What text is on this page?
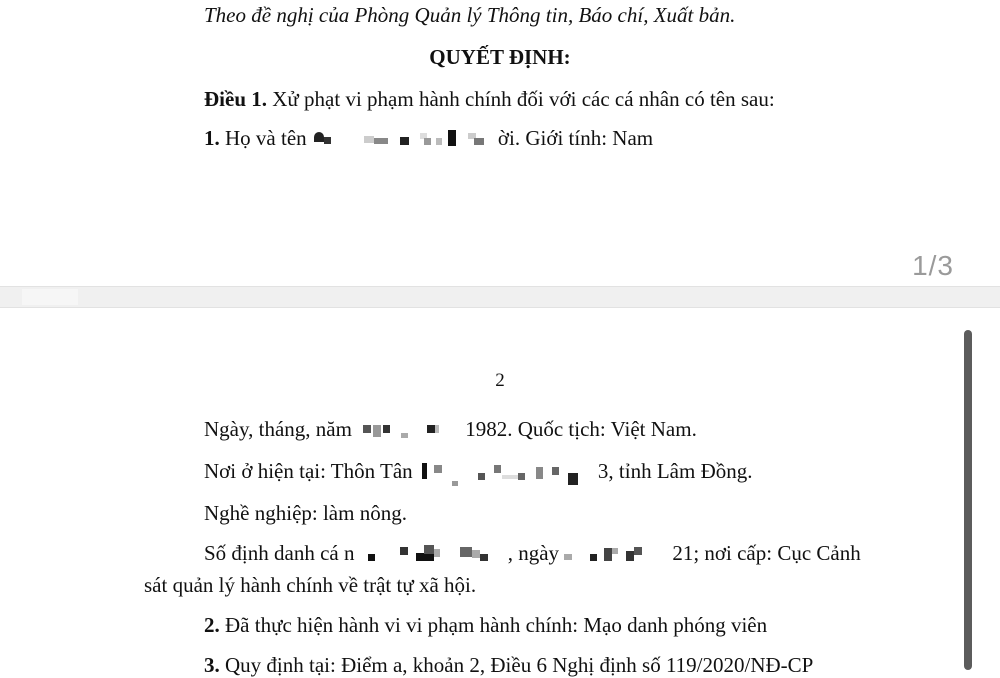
Theo đề nghị của Phòng Quản lý Thông tin, Báo chí, Xuất bản.
QUYẾT ĐỊNH:
Điều 1. Xử phạt vi phạm hành chính đối với các cá nhân có tên sau:
1. Họ và tên	ời. Giới tính: Nam
1/3
2
Ngày, tháng, năm	1982. Quốc tịch: Việt Nam.
Nơi ở hiện tại: Thôn Tân	3, tỉnh Lâm Đồng.
Nghề nghiệp: làm nông.
Số định danh cá n	, ngày	21; nơi cấp: Cục Cảnh
sát quản lý hành chính về trật tự xã hội.
2. Đã thực hiện hành vi vi phạm hành chính: Mạo danh phóng viên
3. Quy định tại: Điểm a, khoản 2, Điều 6 Nghị định số 119/2020/NĐ-CP
